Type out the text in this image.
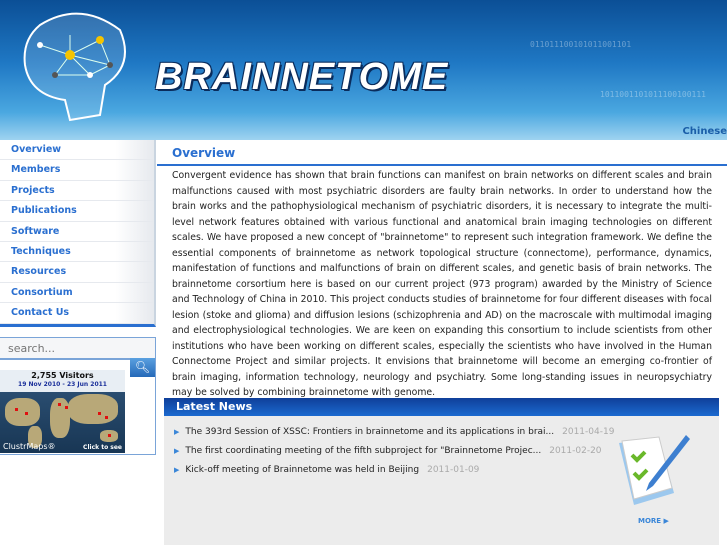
011011100101011001101
1011001101011100100111
BRAINNETOME
Chinese
Overview
Members
Projects
Publications
Software
Techniques
Resources
Consortium
Contact Us
search...
2,755 Visitors
19 Nov 2010 - 23 Jun 2011
ClustrMaps®	Click to see
🔍︎
Overview

Convergent evidence has shown that brain functions can manifest on brain networks on different scales and brain malfunctions caused with most psychiatric disorders are faulty brain networks. In order to understand how the brain works and the pathophysiological mechanism of psychiatric disorders, it is necessary to integrate the multi-level network features obtained with various functional and anatomical brain imaging technologies on different scales. We have proposed a new concept of "brainnetome" to represent such integration framework. We define the essential components of brainnetome as network topological structure (connectome), performance, dynamics, manifestation of functions and malfunctions of brain on different scales, and genetic basis of brain networks. The brainnetome corsortium here is based on our current project (973 program) awarded by the Ministry of Science and Technology of China in 2010. This project conducts studies of brainnetome for four different diseases with focal lesion (stoke and glioma) and diffusion lesions (schizophrenia and AD) on the macroscale with multimodal imaging and electrophysiological technologies. We are keen on expanding this consortium to include scientists from other institutions who have been working on different scales, especially the scientists who have involved in the Human Connectome Project and similar projects. It envisions that brainnetome will become an emerging co-frontier of brain imaging, information technology, neurology and psychiatry. Some long-standing issues in neuropsychiatry may be solved by combining brainnetome with genome.

Latest News
▶ The 393rd Session of XSSC: Frontiers in brainnetome and its applications in brai... 2011-04-19
▶ The first coordinating meeting of the fifth subproject for "Brainnetome Projec... 2011-02-20
▶ Kick-off meeting of Brainnetome was held in Beijing 2011-01-09
MORE ▶
